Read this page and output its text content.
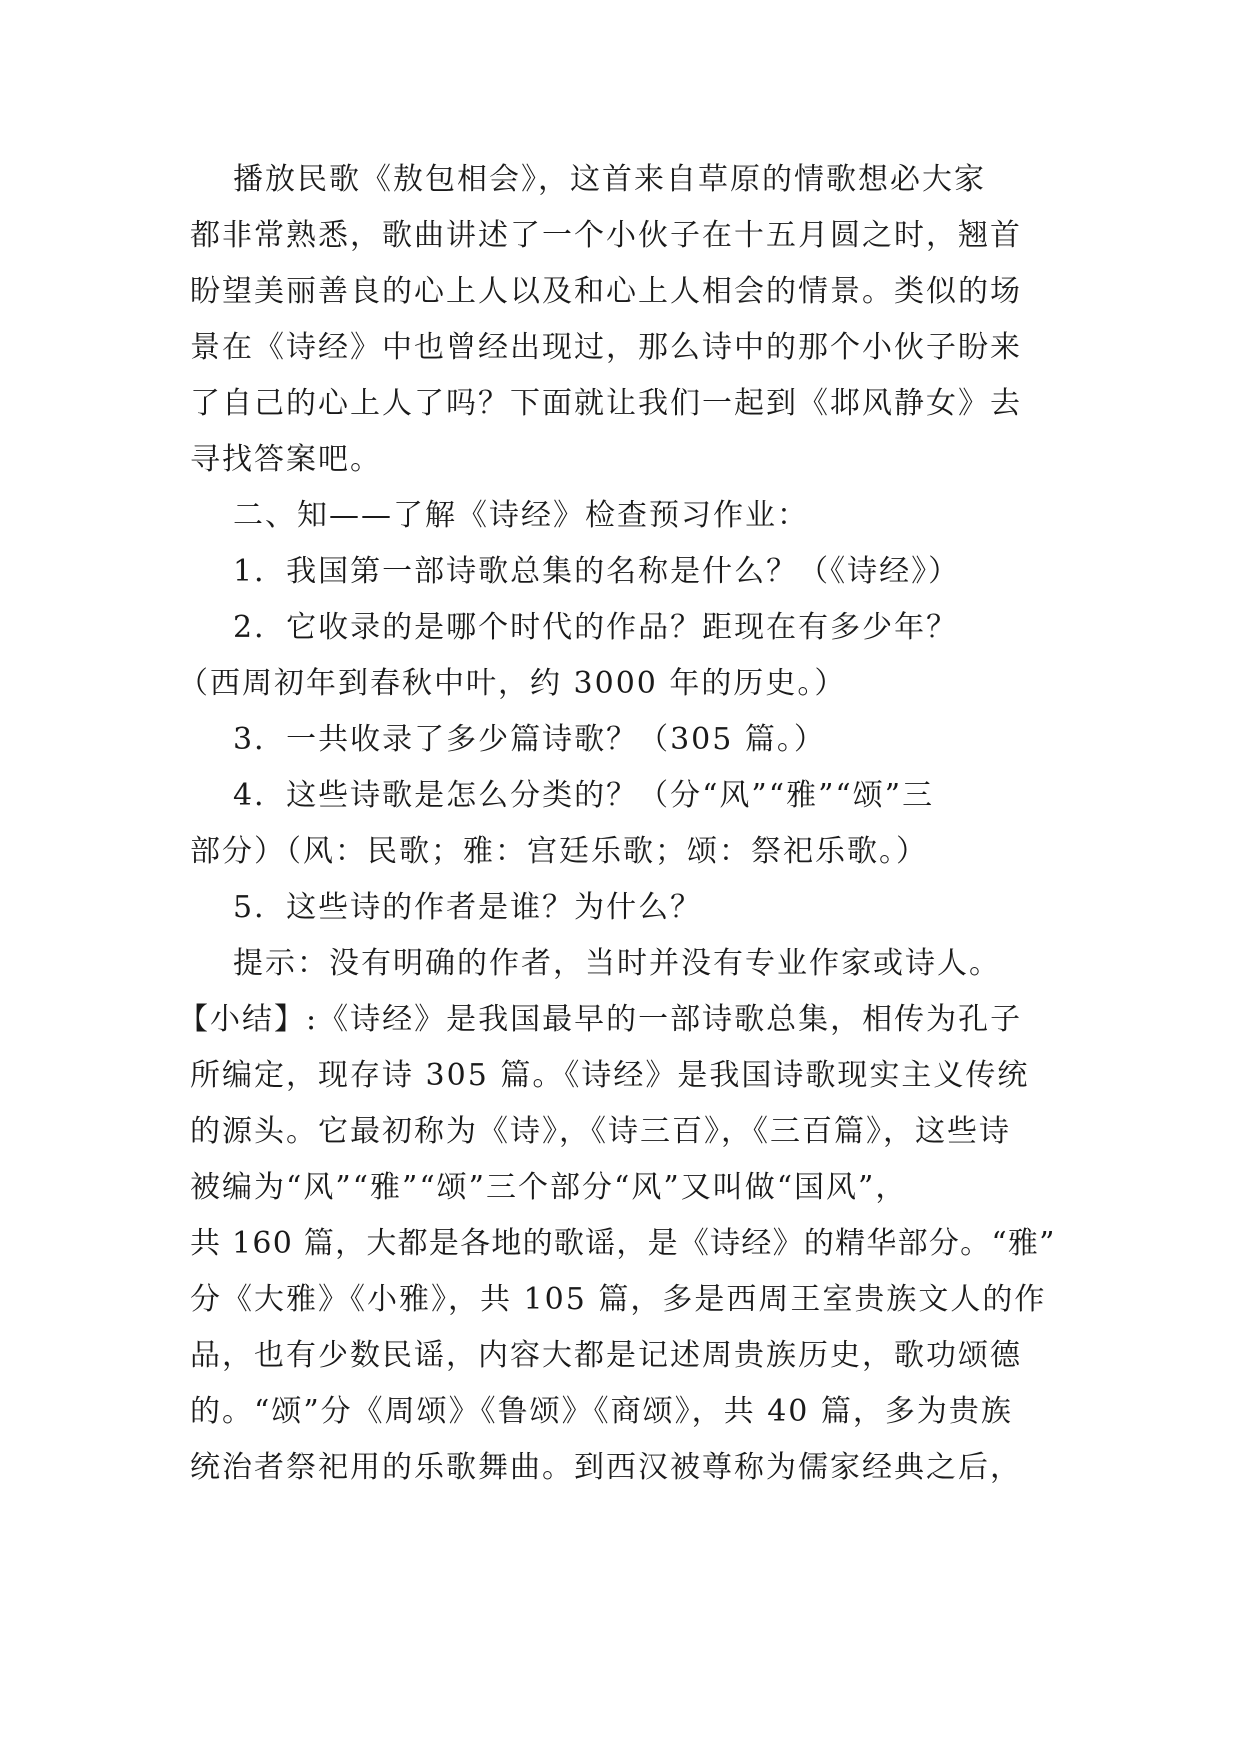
播放民歌《敖包相会》，这首来自草原的情歌想必大家
都非常熟悉，歌曲讲述了一个小伙子在十五月圆之时，翘首
盼望美丽善良的心上人以及和心上人相会的情景。类似的场
景在《诗经》中也曾经出现过，那么诗中的那个小伙子盼来
了自己的心上人了吗？下面就让我们一起到《邶风静女》去
寻找答案吧。
二、知——了解《诗经》检查预习作业：
1．我国第一部诗歌总集的名称是什么？（《诗经》）
2．它收录的是哪个时代的作品？距现在有多少年？
（西周初年到春秋中叶，约 3000 年的历史。）
3．一共收录了多少篇诗歌？（305 篇。）
4．这些诗歌是怎么分类的？（分“风”“雅”“颂”三
部分）（风：民歌；雅：宫廷乐歌；颂：祭祀乐歌。）
5．这些诗的作者是谁？为什么？
提示：没有明确的作者，当时并没有专业作家或诗人。
【小结】:《诗经》是我国最早的一部诗歌总集，相传为孔子
所编定，现存诗 305 篇。《诗经》是我国诗歌现实主义传统
的源头。它最初称为《诗》，《诗三百》，《三百篇》，这些诗
被编为“风”“雅”“颂”三个部分“风”又叫做“国风”，
共 160 篇，大都是各地的歌谣，是《诗经》的精华部分。“雅”
分《大雅》《小雅》，共 105 篇，多是西周王室贵族文人的作
品，也有少数民谣，内容大都是记述周贵族历史，歌功颂德
的。“颂”分《周颂》《鲁颂》《商颂》，共 40 篇，多为贵族
统治者祭祀用的乐歌舞曲。到西汉被尊称为儒家经典之后，
